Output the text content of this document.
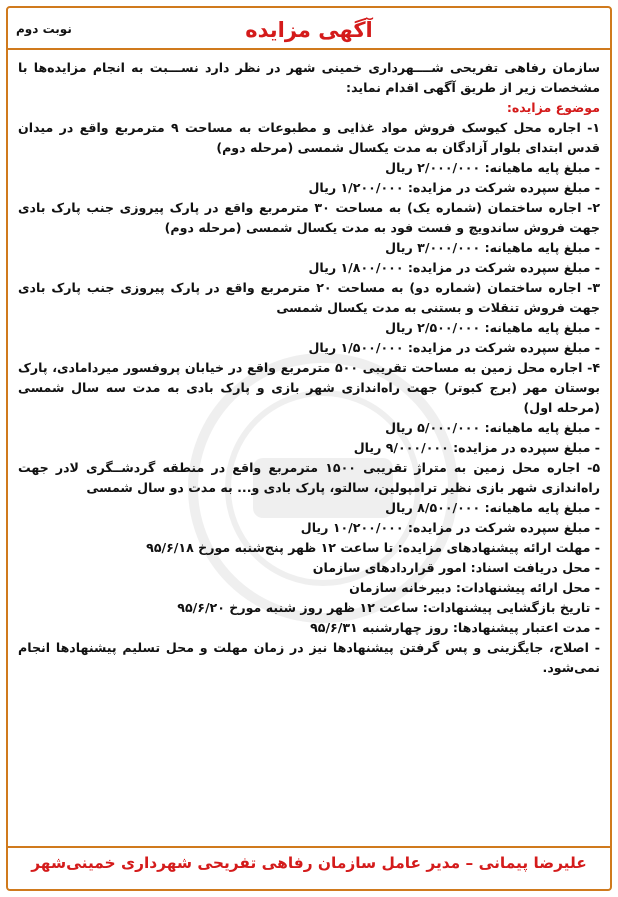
نوبت دوم	آگهی مزایده

سازمان رفاهی تفریحی شــــهرداری خمینی شهر در نظر دارد نســـبت به انجام مزایده‌ها با مشخصات زیر از طریق آگهی اقدام نماید:

موضوع مزایده:

۱- اجاره محل کیوسک فروش مواد غذایی و مطبوعات به مساحت ۹ مترمربع واقع در میدان قدس ابتدای بلوار آزادگان به مدت یکسال شمسی (مرحله دوم)

- مبلغ پایه ماهیانه: ۲/۰۰۰/۰۰۰ ریال

- مبلغ سپرده شرکت در مزایده: ۱/۲۰۰/۰۰۰ ریال

۲- اجاره ساختمان (شماره یک) به مساحت ۳۰ مترمربع واقع در پارک پیروزی جنب پارک بادی جهت فروش ساندویچ و فست فود به مدت یکسال شمسی (مرحله دوم)

- مبلغ پایه ماهیانه: ۳/۰۰۰/۰۰۰ ریال

- مبلغ سپرده شرکت در مزایده: ۱/۸۰۰/۰۰۰ ریال

۳- اجاره ساختمان (شماره دو) به مساحت ۲۰ مترمربع واقع در پارک پیروزی جنب پارک بادی جهت فروش تنقلات و بستنی به مدت یکسال شمسی

- مبلغ پایه ماهیانه: ۲/۵۰۰/۰۰۰ ریال

- مبلغ سپرده شرکت در مزایده: ۱/۵۰۰/۰۰۰ ریال

۴- اجاره محل زمین به مساحت تقریبی ۵۰۰ مترمربع واقع در خیابان پروفسور میردامادی، پارک بوستان مهر (برج کبوتر) جهت راه‌اندازی شهر بازی و پارک بادی به مدت سه سال شمسی (مرحله اول)

- مبلغ پایه ماهیانه: ۵/۰۰۰/۰۰۰ ریال

- مبلغ سپرده در مزایده: ۹/۰۰۰/۰۰۰ ریال

۵- اجاره محل زمین به متراژ تقریبی ۱۵۰۰ مترمربع واقع در منطقه گردشــگری لادر جهت راه‌اندازی شهر بازی نظیر ترامپولین، سالتو، پارک بادی و... به مدت دو سال شمسی

- مبلغ پایه ماهیانه: ۸/۵۰۰/۰۰۰ ریال

- مبلغ سپرده شرکت در مزایده: ۱۰/۲۰۰/۰۰۰ ریال

- مهلت ارائه پیشنهادهای مزایده: تا ساعت ۱۲ ظهر پنج‌شنبه مورخ ۹۵/۶/۱۸

- محل دریافت اسناد: امور قراردادهای سازمان

- محل ارائه پیشنهادات: دبیرخانه سازمان

- تاریخ بازگشایی پیشنهادات: ساعت ۱۲ ظهر روز شنبه مورخ ۹۵/۶/۲۰

- مدت اعتبار پیشنهادها: روز چهارشنبه ۹۵/۶/۳۱

- اصلاح، جایگزینی و پس گرفتن پیشنهادها نیز در زمان مهلت و محل تسلیم پیشنهادها انجام نمی‌شود.

علیرضا پیمانی – مدیر عامل سازمان رفاهی تفریحی شهرداری خمینی‌شهر
